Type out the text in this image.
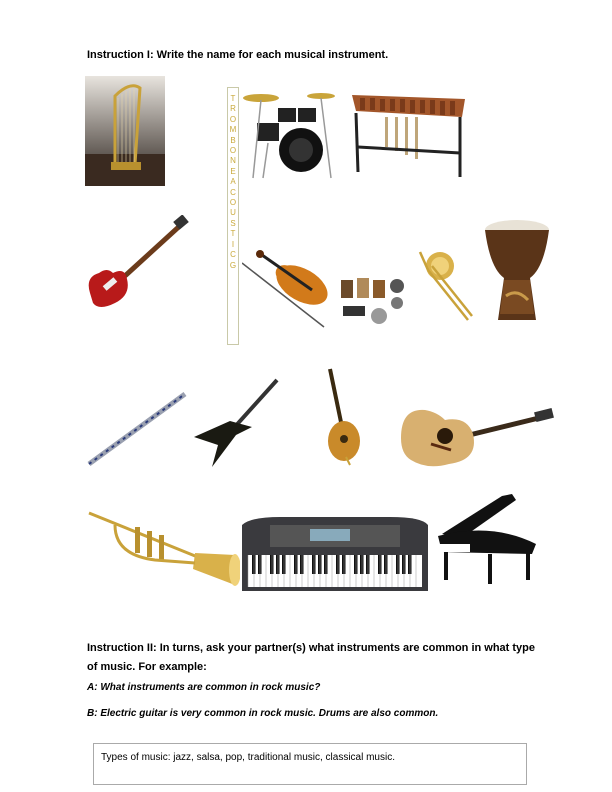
Instruction I: Write the name for each musical instrument.
T
R
O
M
B
O
N
E
A
C
O
U
S
T
I
C
G
Instruction II: In turns, ask your partner(s) what instruments are common in what type of music. For example:
A: What instruments are common in rock music?
B: Electric guitar is very common in rock music. Drums are also common.
Types of music: jazz, salsa, pop, traditional music, classical music.
